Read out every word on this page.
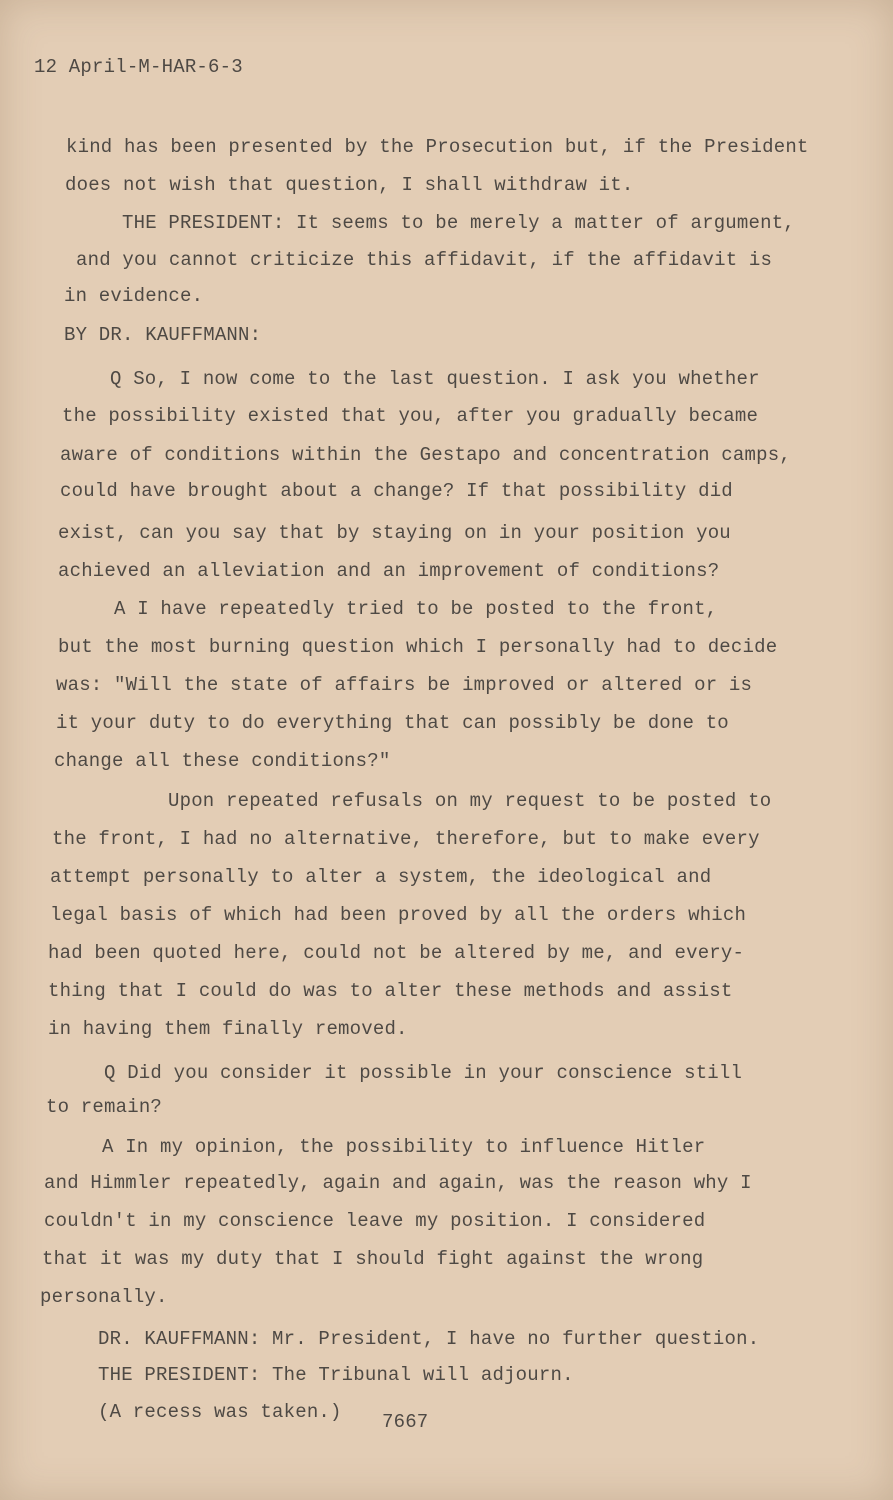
12 April-M-HAR-6-3
kind has been presented by the Prosecution but, if the President
does not wish that question, I shall withdraw it.
THE PRESIDENT: It seems to be merely a matter of argument,
and you cannot criticize this affidavit, if the affidavit is
in evidence.
BY DR. KAUFFMANN:
Q So, I now come to the last question. I ask you whether
the possibility existed that you, after you gradually became
aware of conditions within the Gestapo and concentration camps,
could have brought about a change? If that possibility did
exist, can you say that by staying on in your position you
achieved an alleviation and an improvement of conditions?
A I have repeatedly tried to be posted to the front,
but the most burning question which I personally had to decide
was: "Will the state of affairs be improved or altered or is
it your duty to do everything that can possibly be done to
change all these conditions?"
Upon repeated refusals on my request to be posted to
the front, I had no alternative, therefore, but to make every
attempt personally to alter a system, the ideological and
legal basis of which had been proved by all the orders which
had been quoted here, could not be altered by me, and every-
thing that I could do was to alter these methods and assist
in having them finally removed.
Q Did you consider it possible in your conscience still
to remain?
A In my opinion, the possibility to influence Hitler
and Himmler repeatedly, again and again, was the reason why I
couldn't in my conscience leave my position. I considered
that it was my duty that I should fight against the wrong
personally.
DR. KAUFFMANN: Mr. President, I have no further question.
THE PRESIDENT: The Tribunal will adjourn.
(A recess was taken.) 7667
